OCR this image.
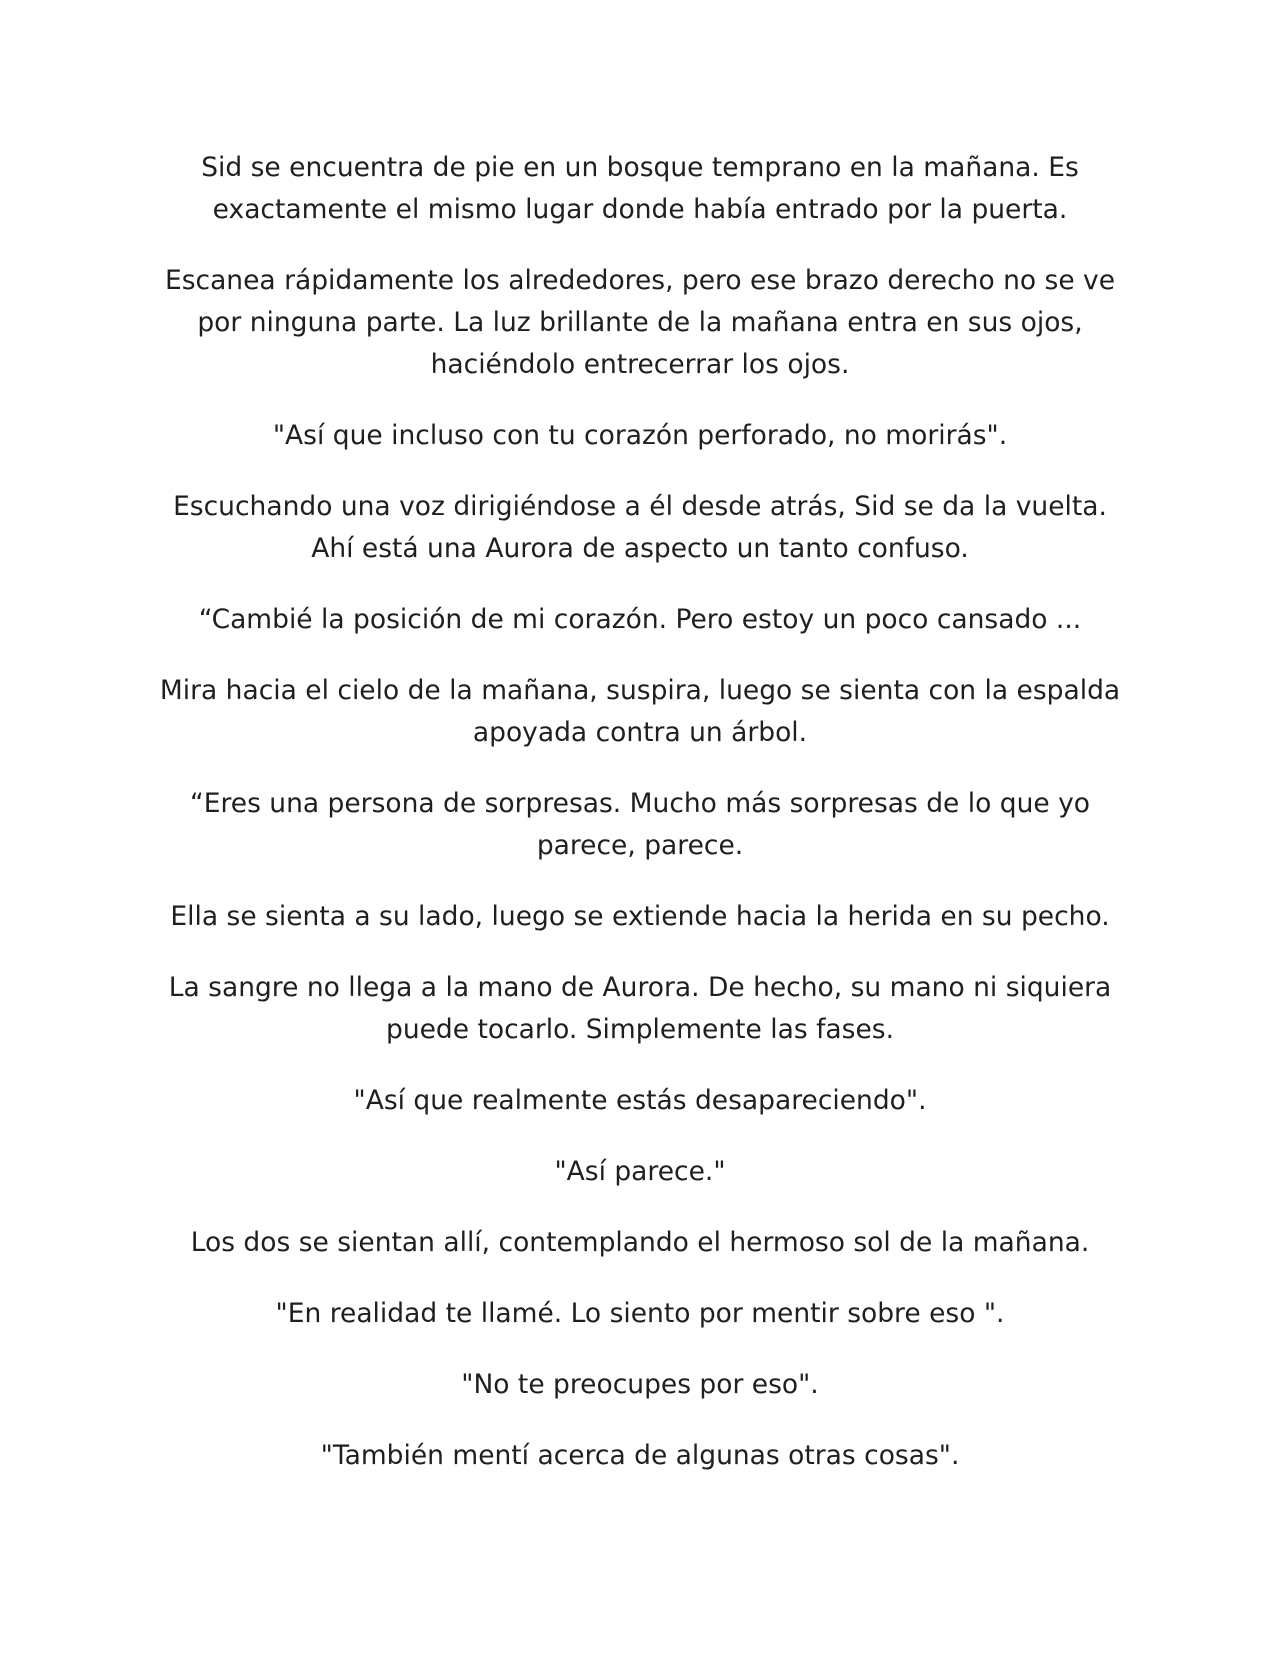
Sid se encuentra de pie en un bosque temprano en la mañana. Es exactamente el mismo lugar donde había entrado por la puerta.

Escanea rápidamente los alrededores, pero ese brazo derecho no se ve por ninguna parte. La luz brillante de la mañana entra en sus ojos, haciéndolo entrecerrar los ojos.

"Así que incluso con tu corazón perforado, no morirás".

Escuchando una voz dirigiéndose a él desde atrás, Sid se da la vuelta. Ahí está una Aurora de aspecto un tanto confuso.

“Cambié la posición de mi corazón. Pero estoy un poco cansado ...

Mira hacia el cielo de la mañana, suspira, luego se sienta con la espalda apoyada contra un árbol.

“Eres una persona de sorpresas. Mucho más sorpresas de lo que yo parece, parece.

Ella se sienta a su lado, luego se extiende hacia la herida en su pecho.

La sangre no llega a la mano de Aurora. De hecho, su mano ni siquiera puede tocarlo. Simplemente las fases.

"Así que realmente estás desapareciendo".

"Así parece."

Los dos se sientan allí, contemplando el hermoso sol de la mañana.

"En realidad te llamé. Lo siento por mentir sobre eso ".

"No te preocupes por eso".

"También mentí acerca de algunas otras cosas".
